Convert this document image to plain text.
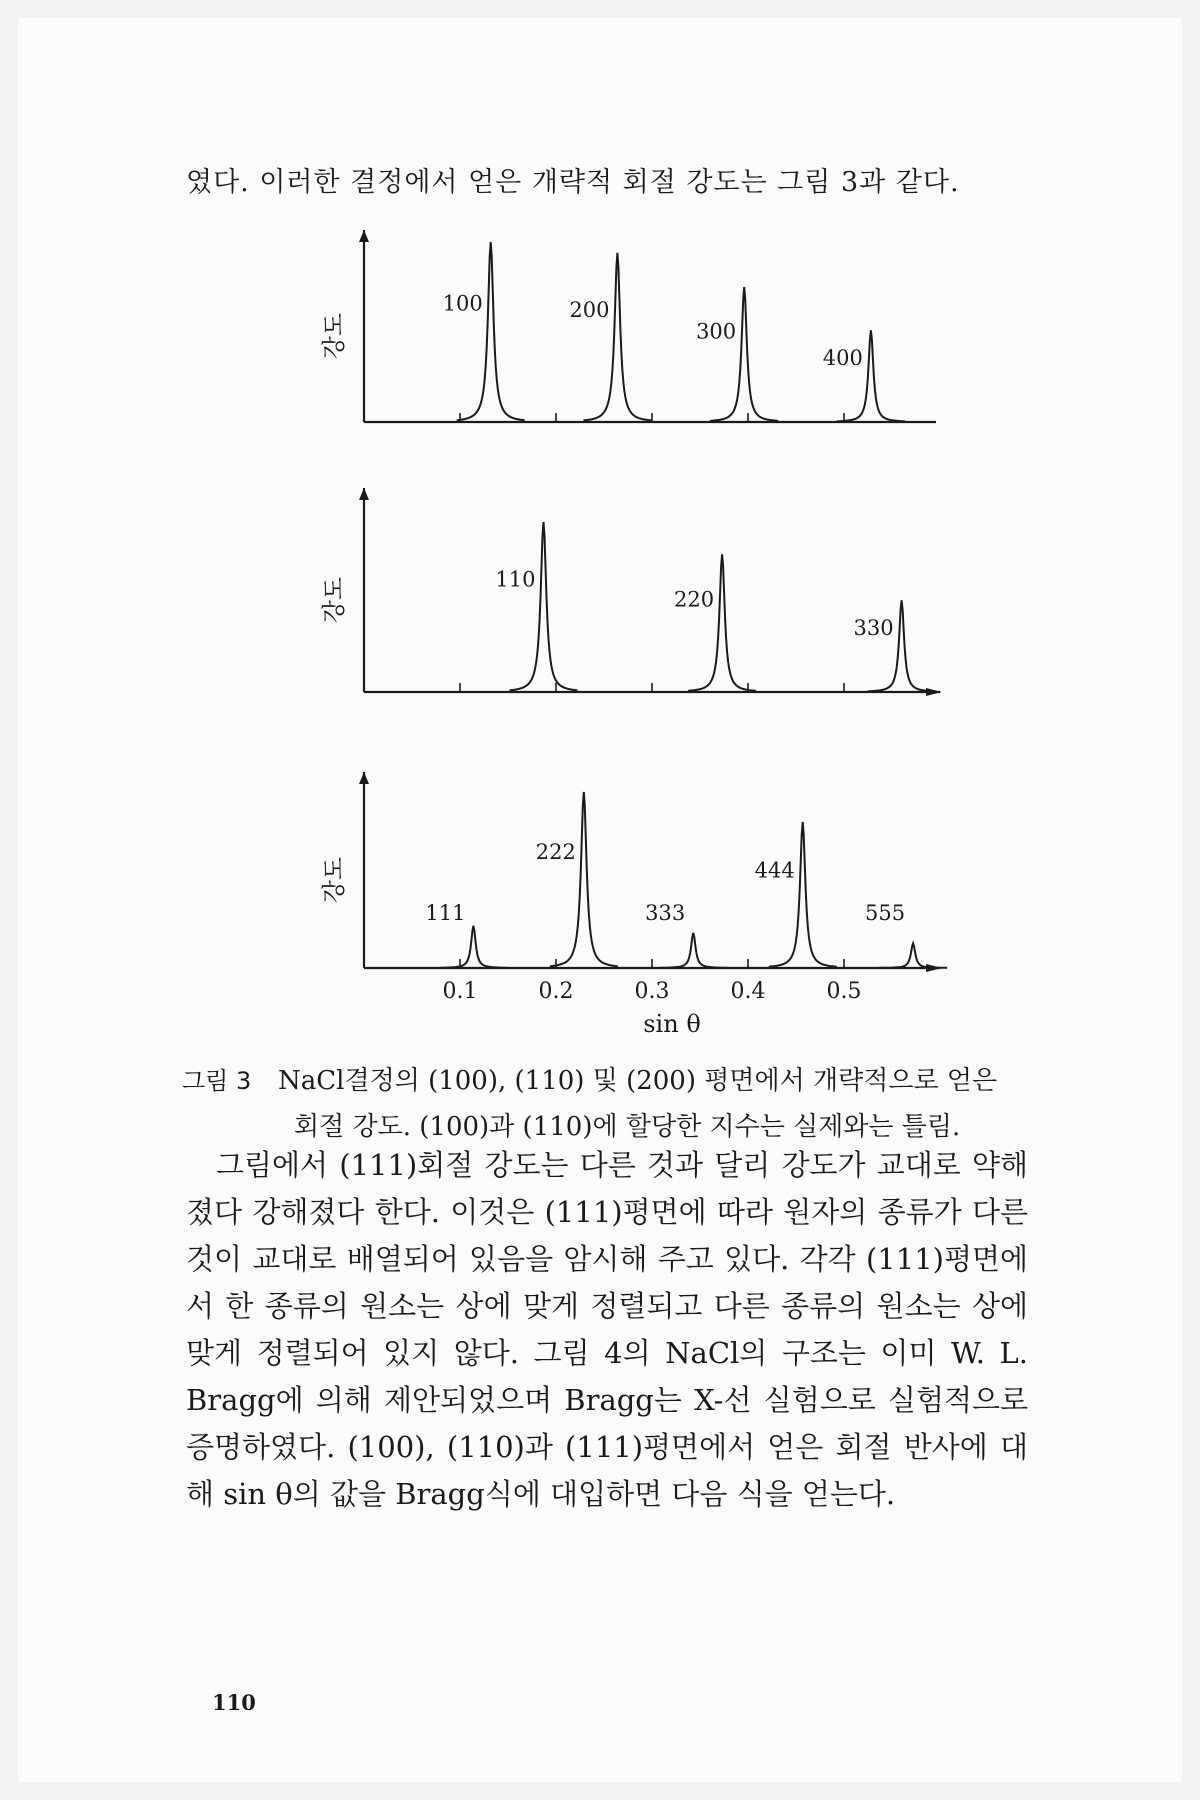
였다. 이러한 결정에서 얻은 개략적 회절 강도는 그림 3과 같다.
강도
100	200
300
400
강도	110
220
330
강도
111
222
333
444
555
0.1	0.2	0.3	0.4	0.5
sin θ
그림 3 NaCl결정의 (100), (110) 및 (200) 평면에서 개략적으로 얻은
회절 강도. (100)과 (110)에 할당한 지수는 실제와는 틀림.

그림에서 (111)회절 강도는 다른 것과 달리 강도가 교대로 약해졌다 강해졌다 한다. 이것은 (111)평면에 따라 원자의 종류가 다른 것이 교대로 배열되어 있음을 암시해 주고 있다. 각각 (111)평면에서 한 종류의 원소는 상에 맞게 정렬되고 다른 종류의 원소는 상에 맞게 정렬되어 있지 않다. 그림 4의 NaCl의 구조는 이미 W. L. Bragg에 의해 제안되었으며 Bragg는 X-선 실험으로 실험적으로 증명하였다. (100), (110)과 (111)평면에서 얻은 회절 반사에 대해 sin θ의 값을 Bragg식에 대입하면 다음 식을 얻는다.

110
